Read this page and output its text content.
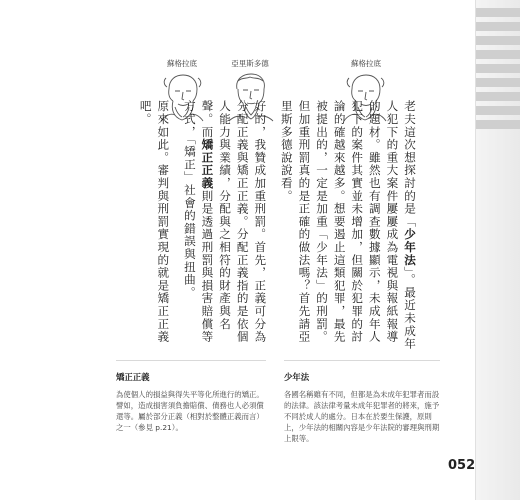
蘇格拉底	亞里斯多德	蘇格拉底

老夫這次想探討的是「少年法」。最近未成年人犯下的重大案件屢屢成為電視與報紙報導的題材。雖然也有調查數據顯示，未成年人犯下的案件其實並未增加，但關於犯罪的討論的確越來越多。想要遏止這類犯罪，最先被提出的，一定是加重「少年法」的刑罰。但加重刑罰真的是正確的做法嗎？首先請亞里斯多德說說看。

好的，我贊成加重刑罰。首先，正義可分為分配正義與矯正正義。分配正義指的是依個人能力與業績，分配與之相符的財產與名聲。而矯正正義則是透過刑罰與損害賠償等方式，「矯正」社會的錯誤與扭曲。

原來如此。審判與刑罰實現的就是矯正正義吧。

矯正正義
為使個人的損益與得失平等化所進行的矯正。譬如，造成損害須負擔賠償、債務也人必須償還等。屬於部分正義（相對於整體正義而言）之一（參見 p.21）。
少年法
各國名稱雖有不同，但都是為未成年犯罪者而設的法律。該法律考量未成年犯罪者的將來，施予不同於成人的處分。日本在於要生保護，原則上，少年法的相關內容是少年法院的審理與刑期上限等。
052
